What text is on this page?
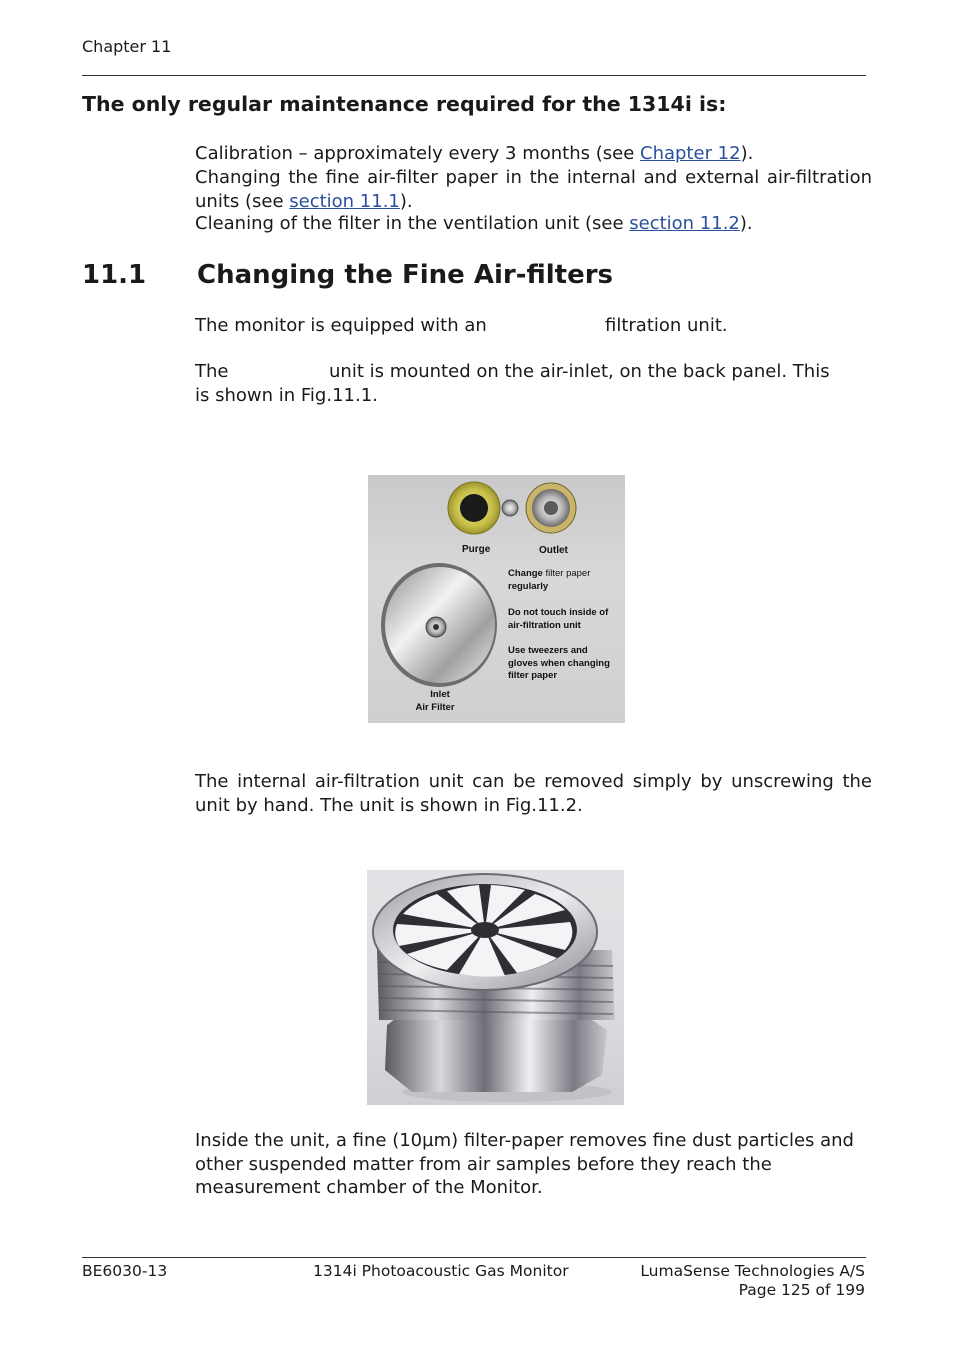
Chapter 11
The only regular maintenance required for the 1314i is:
Calibration – approximately every 3 months (see Chapter 12).
Changing the fine air-filter paper in the internal and external air-filtration units (see section 11.1).
Cleaning of the filter in the ventilation unit (see section 11.2).
11.1 Changing the Fine Air-filters
The monitor is equipped with an	filtration unit.
The	unit is mounted on the air-inlet, on the back panel. This
is shown in Fig.11.1.
Purge	Outlet
Change filter paper
regularly
Do not touch inside of
air-filtration unit
Use tweezers and
gloves when changing
filter paper
Inlet
Air Filter
The internal air-filtration unit can be removed simply by unscrewing the unit by hand. The unit is shown in Fig.11.2.
Inside the unit, a fine (10µm) filter-paper removes fine dust particles and other suspended matter from air samples before they reach the measurement chamber of the Monitor.
BE6030-13	1314i Photoacoustic Gas Monitor	LumaSense Technologies A/S
Page 125 of 199
